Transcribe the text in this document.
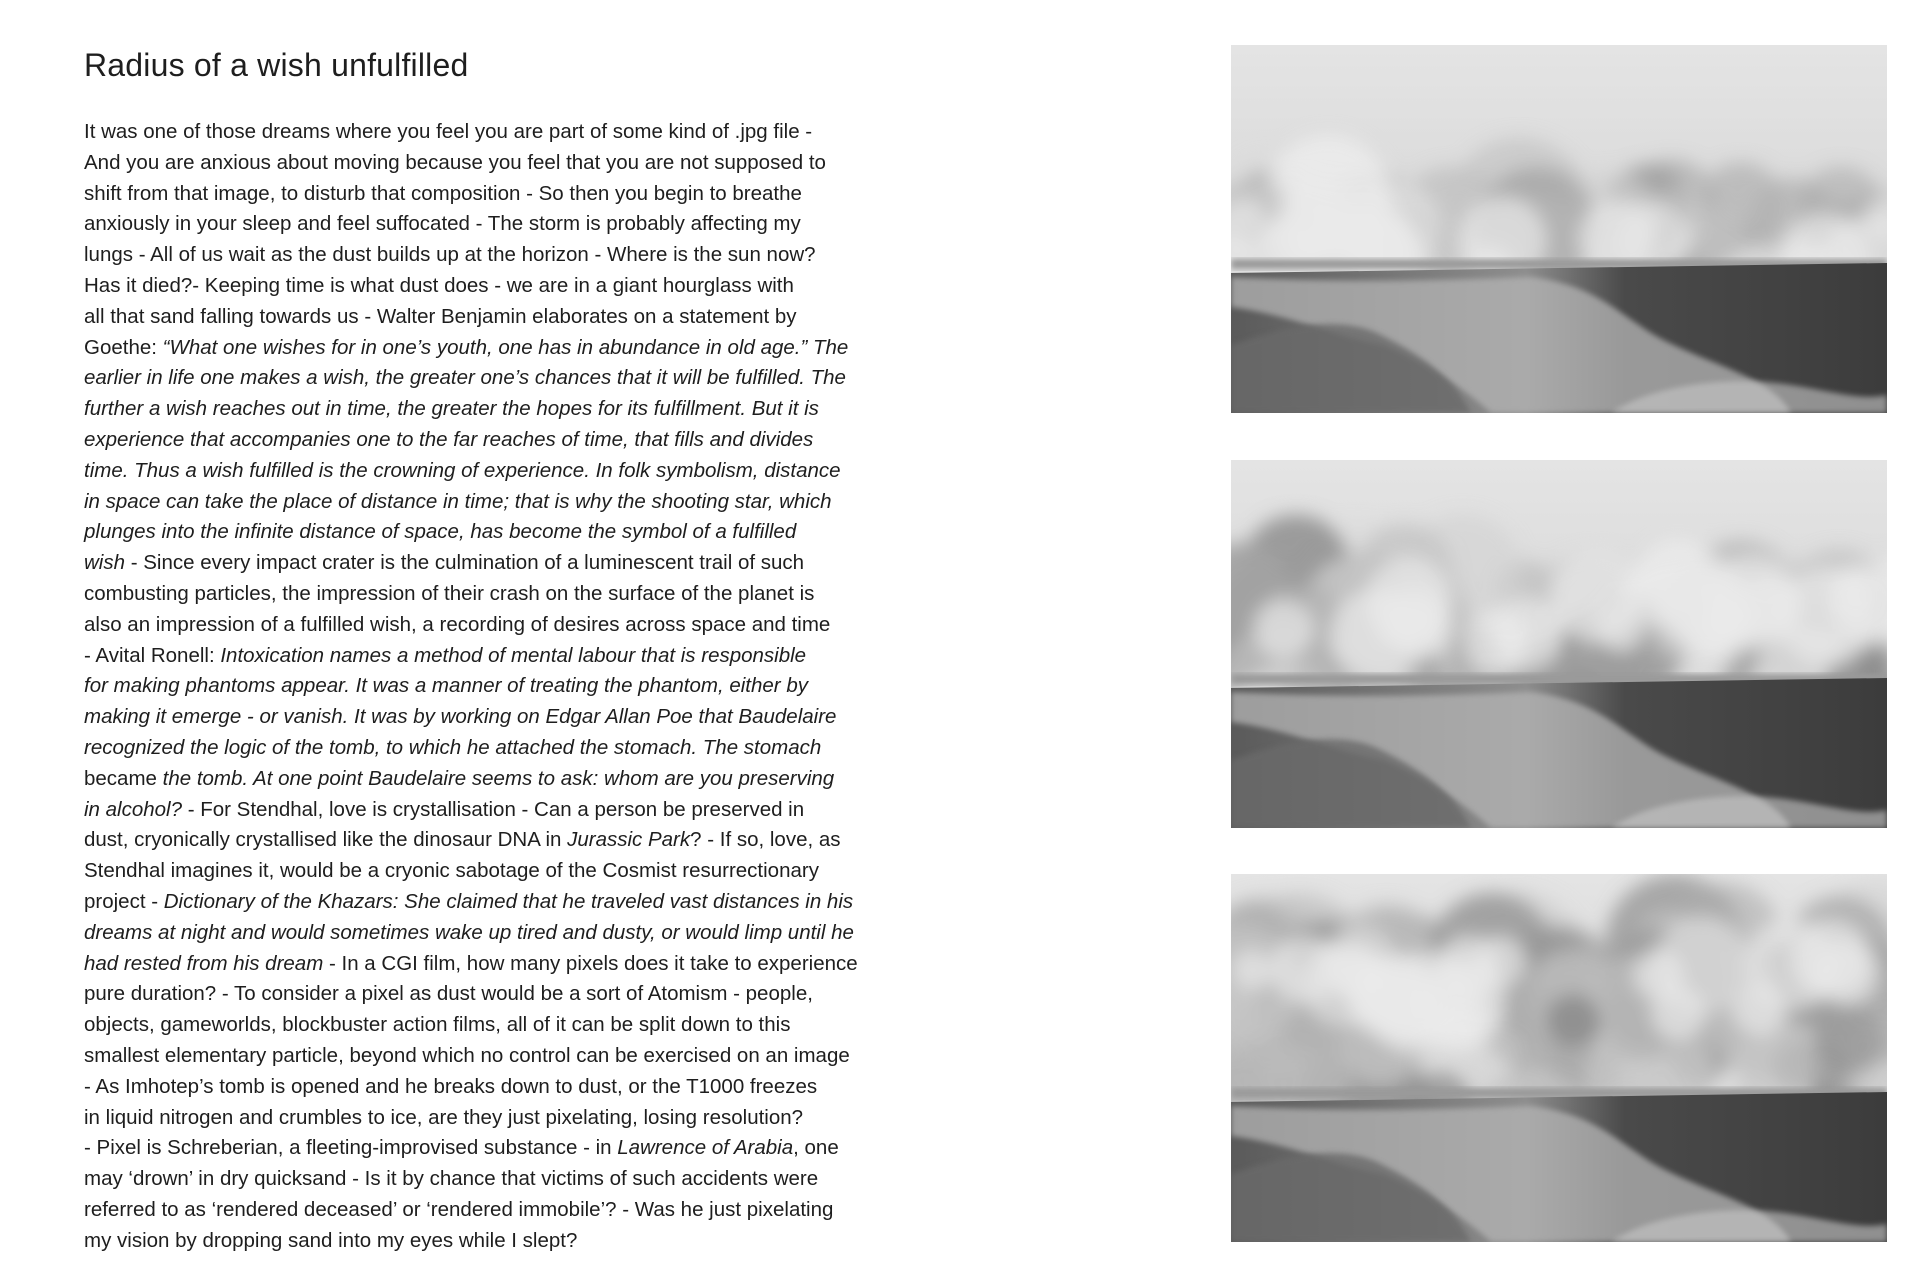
Radius of a wish unfulfilled
It was one of those dreams where you feel you are part of some kind of .jpg file -
And you are anxious about moving because you feel that you are not supposed to
shift from that image, to disturb that composition - So then you begin to breathe
anxiously in your sleep and feel suffocated - The storm is probably affecting my
lungs - All of us wait as the dust builds up at the horizon - Where is the sun now?
Has it died?- Keeping time is what dust does - we are in a giant hourglass with
all that sand falling towards us - Walter Benjamin elaborates on a statement by
Goethe: “What one wishes for in one’s youth, one has in abundance in old age.” The
earlier in life one makes a wish, the greater one’s chances that it will be fulfilled. The
further a wish reaches out in time, the greater the hopes for its fulfillment. But it is
experience that accompanies one to the far reaches of time, that fills and divides
time. Thus a wish fulfilled is the crowning of experience. In folk symbolism, distance
in space can take the place of distance in time; that is why the shooting star, which
plunges into the infinite distance of space, has become the symbol of a fulfilled
wish - Since every impact crater is the culmination of a luminescent trail of such
combusting particles, the impression of their crash on the surface of the planet is
also an impression of a fulfilled wish, a recording of desires across space and time
- Avital Ronell: Intoxication names a method of mental labour that is responsible
for making phantoms appear. It was a manner of treating the phantom, either by
making it emerge - or vanish. It was by working on Edgar Allan Poe that Baudelaire
recognized the logic of the tomb, to which he attached the stomach. The stomach
became the tomb. At one point Baudelaire seems to ask: whom are you preserving
in alcohol? - For Stendhal, love is crystallisation - Can a person be preserved in
dust, cryonically crystallised like the dinosaur DNA in Jurassic Park? - If so, love, as
Stendhal imagines it, would be a cryonic sabotage of the Cosmist resurrectionary
project - Dictionary of the Khazars: She claimed that he traveled vast distances in his
dreams at night and would sometimes wake up tired and dusty, or would limp until he
had rested from his dream - In a CGI film, how many pixels does it take to experience
pure duration? - To consider a pixel as dust would be a sort of Atomism - people,
objects, gameworlds, blockbuster action films, all of it can be split down to this
smallest elementary particle, beyond which no control can be exercised on an image
- As Imhotep’s tomb is opened and he breaks down to dust, or the T1000 freezes
in liquid nitrogen and crumbles to ice, are they just pixelating, losing resolution?
- Pixel is Schreberian, a fleeting-improvised substance - in Lawrence of Arabia, one
may ‘drown’ in dry quicksand - Is it by chance that victims of such accidents were
referred to as ‘rendered deceased’ or ‘rendered immobile’? - Was he just pixelating
my vision by dropping sand into my eyes while I slept?
